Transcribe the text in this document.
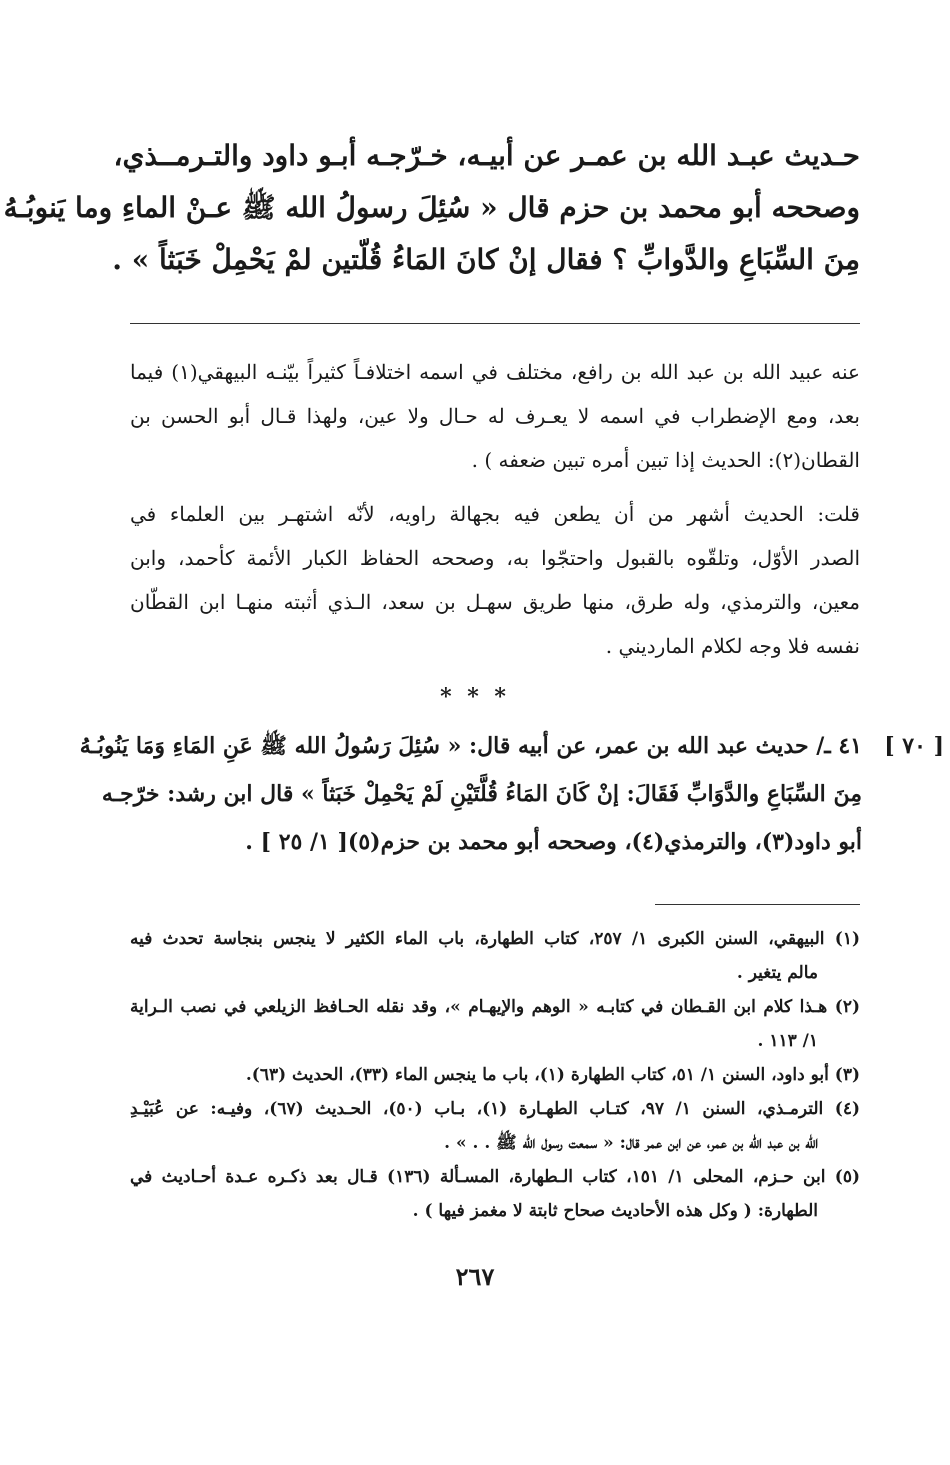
حـديث عبـد الله بن عمـر عن أبيـه، خـرّجـه أبـو داود والتـرمــذي،
وصححه أبو محمد بن حزم قال « سُئِلَ رسولُ الله ﷺ عـنْ الماءِ وما يَنوبُـهُ
مِنَ السِّبَاعِ والدَّوابِّ ؟ فقال إنْ كانَ المَاءُ قُلّتين لمْ يَحْمِلْ خَبَثاً » .
عنه عبيد الله بن عبد الله بن رافع، مختلف في اسمه اختلافـاً كثيراً بيّنـه البيهقي(١) فيما
بعد، ومع الإضطراب في اسمه لا يعـرف له حـال ولا عين، ولهذا قـال أبو الحسن بن
القطان(٢): الحديث إذا تبين أمره تبين ضعفه ) .
قلت: الحديث أشهر من أن يطعن فيه بجهالة راويه، لأنّه اشتهـر بين العلماء في
الصدر الأوّل، وتلقّوه بالقبول واحتجّوا به، وصححه الحفاظ الكبار الأئمة كأحمد، وابن
معين، والترمذي، وله طرق، منها طريق سهـل بن سعد، الـذي أثبته منهـا ابن القطّان
نفسه فلا وجه لكلام المارديني .
* * *
[ ٧٠ ]
٤١ ـ/ حديث عبد الله بن عمر، عن أبيه قال: « سُئِلَ رَسُولُ الله ﷺ عَنِ المَاءِ وَمَا يَنُوبُـهُ
مِنَ السِّبَاعِ والدَّوَابِّ فَقَالَ: إنْ كَانَ المَاءُ قُلَّتَيْنِ لَمْ يَحْمِلْ خَبَثاً » قال ابن رشد: خرّجـه
أبو داود(٣)، والترمذي(٤)، وصححه أبو محمد بن حزم(٥)[ ١/ ٢٥ ] .
(١) البيهقي، السنن الكبرى ١/ ٢٥٧، كتاب الطهارة، باب الماء الكثير لا ينجس بنجاسة تحدث فيه
مالم يتغير .
(٢) هـذا كلام ابن القـطان في كتابـه « الوهم والإيهـام »، وقد نقله الحـافظ الزيلعي في نصب الـراية
١/ ١١٣ .
(٣) أبو داود، السنن ١/ ٥١، كتاب الطهارة (١)، باب ما ينجس الماء (٣٣)، الحديث (٦٣).
(٤) الترمـذي، السنن ١/ ٩٧، كتـاب الطهـارة (١)، بـاب (٥٠)، الحـديث (٦٧)، وفيـه: عن عُبَيْـدِ
الله بن عبد الله بن عمر، عن ابن عمر قال: « سمعت رسول الله ﷺ . . » .
(٥) ابن حـزم، المحلى ١/ ١٥١، كتاب الـطهارة، المسـألة (١٣٦) قـال بعد ذكـره عـدة أحـاديث في
الطهارة: ( وكل هذه الأحاديث صحاح ثابتة لا مغمز فيها ) .
٢٦٧
